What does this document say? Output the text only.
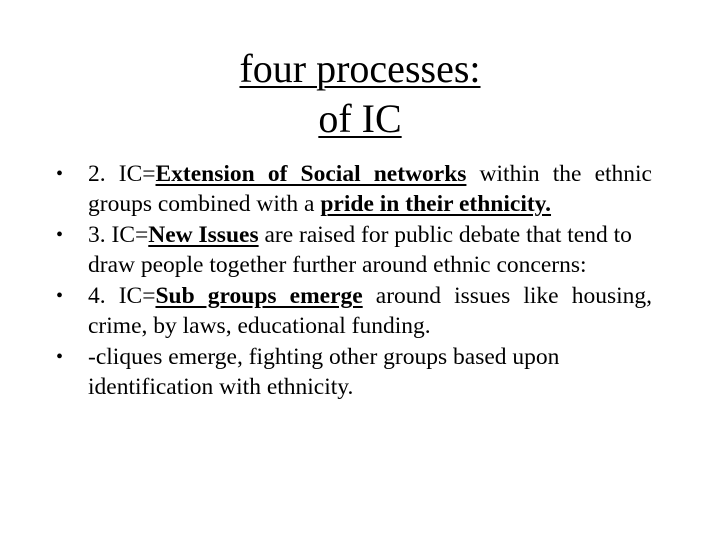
four processes:
of IC
• 2. IC=Extension of Social networks within the ethnic groups combined with a pride in their ethnicity.
• 3. IC=New Issues are raised for public debate that tend to draw people together further around ethnic concerns:
• 4. IC=Sub groups emerge around issues like housing, crime, by laws, educational funding.
• -cliques emerge, fighting other groups based upon identification with ethnicity.
